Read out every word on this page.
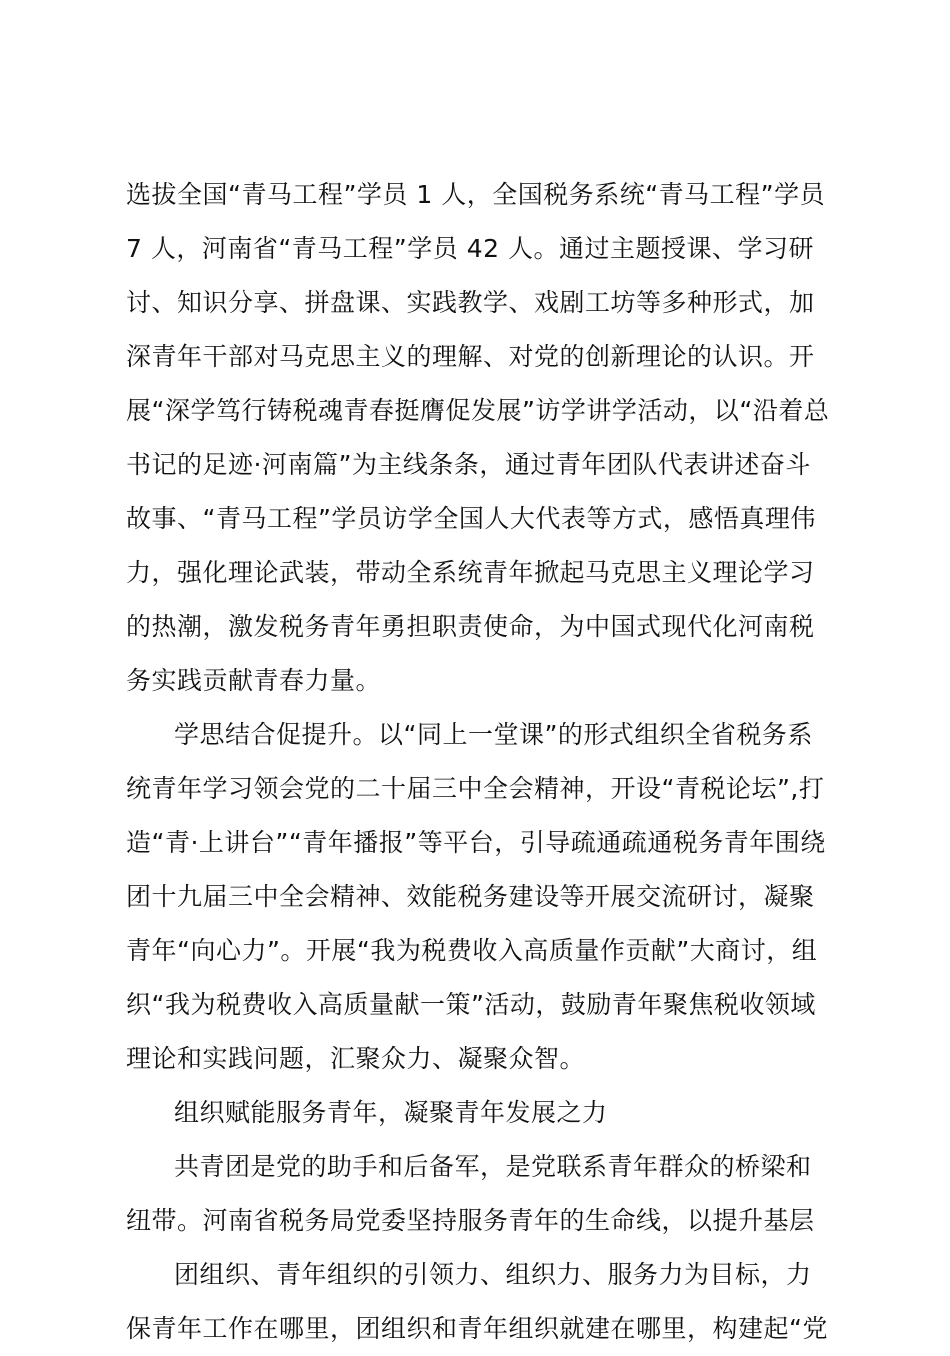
选拔全国“青马工程”学员 1 人，全国税务系统“青马工程”学员
7 人，河南省“青马工程”学员 42 人。通过主题授课、学习研
讨、知识分享、拼盘课、实践教学、戏剧工坊等多种形式，加
深青年干部对马克思主义的理解、对党的创新理论的认识。开
展“深学笃行铸税魂青春挺膺促发展”访学讲学活动，以“沿着总
书记的足迹·河南篇”为主线条条，通过青年团队代表讲述奋斗
故事、“青马工程”学员访学全国人大代表等方式，感悟真理伟
力，强化理论武装，带动全系统青年掀起马克思主义理论学习
的热潮，激发税务青年勇担职责使命，为中国式现代化河南税
务实践贡献青春力量。
学思结合促提升。以“同上一堂课”的形式组织全省税务系
统青年学习领会党的二十届三中全会精神，开设“青税论坛”,打
造“青·上讲台”“青年播报”等平台，引导疏通疏通税务青年围绕
团十九届三中全会精神、效能税务建设等开展交流研讨，凝聚
青年“向心力”。开展“我为税费收入高质量作贡献”大商讨，组
织“我为税费收入高质量献一策”活动，鼓励青年聚焦税收领域
理论和实践问题，汇聚众力、凝聚众智。
组织赋能服务青年，凝聚青年发展之力
共青团是党的助手和后备军，是党联系青年群众的桥梁和
纽带。河南省税务局党委坚持服务青年的生命线，以提升基层
团组织、青年组织的引领力、组织力、服务力为目标，力
保青年工作在哪里，团组织和青年组织就建在哪里，构建起“党
